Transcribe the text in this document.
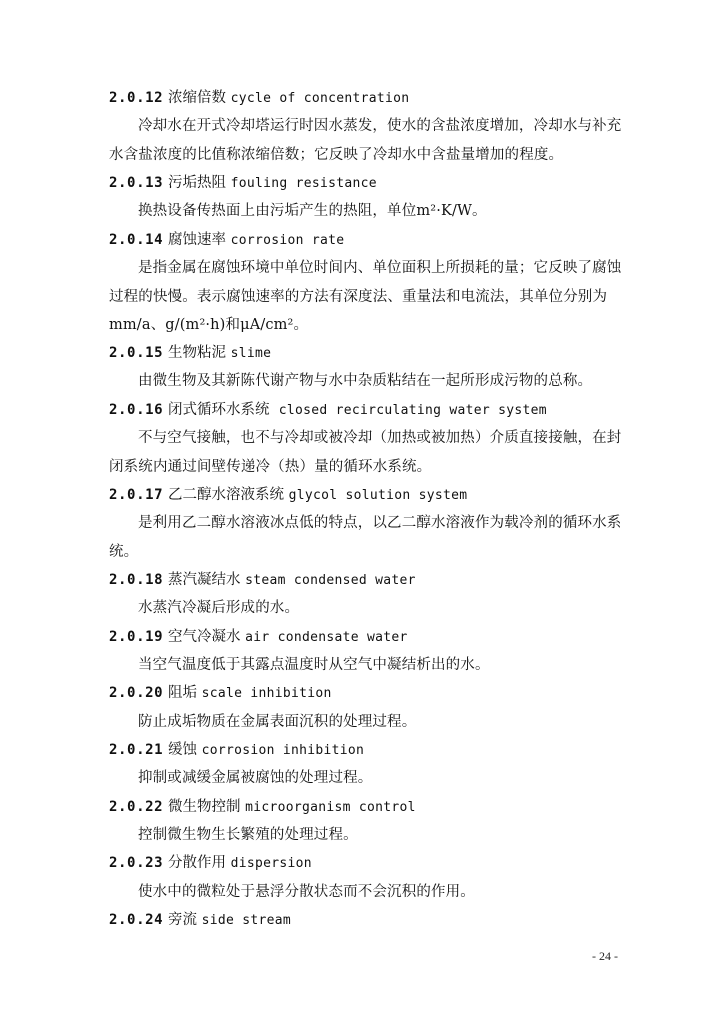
2.0.12 浓缩倍数 cycle of concentration
冷却水在开式冷却塔运行时因水蒸发，使水的含盐浓度增加，冷却水与补充
水含盐浓度的比值称浓缩倍数；它反映了冷却水中含盐量增加的程度。
2.0.13 污垢热阻 fouling resistance
换热设备传热面上由污垢产生的热阻，单位m²·K/W。
2.0.14 腐蚀速率 corrosion rate
是指金属在腐蚀环境中单位时间内、单位面积上所损耗的量；它反映了腐蚀
过程的快慢。表示腐蚀速率的方法有深度法、重量法和电流法，其单位分别为
mm/a、g/(m²·h)和μA/cm²。
2.0.15 生物粘泥 slime
由微生物及其新陈代谢产物与水中杂质粘结在一起所形成污物的总称。
2.0.16 闭式循环水系统 closed recirculating water system
不与空气接触，也不与冷却或被冷却（加热或被加热）介质直接接触，在封
闭系统内通过间壁传递冷（热）量的循环水系统。
2.0.17 乙二醇水溶液系统 glycol solution system
是利用乙二醇水溶液冰点低的特点，以乙二醇水溶液作为载冷剂的循环水系
统。
2.0.18 蒸汽凝结水 steam condensed water
水蒸汽冷凝后形成的水。
2.0.19 空气冷凝水 air condensate water
当空气温度低于其露点温度时从空气中凝结析出的水。
2.0.20 阻垢 scale inhibition
防止成垢物质在金属表面沉积的处理过程。
2.0.21 缓蚀 corrosion inhibition
抑制或减缓金属被腐蚀的处理过程。
2.0.22 微生物控制 microorganism control
控制微生物生长繁殖的处理过程。
2.0.23 分散作用 dispersion
使水中的微粒处于悬浮分散状态而不会沉积的作用。
2.0.24 旁流 side stream
- 24 -
